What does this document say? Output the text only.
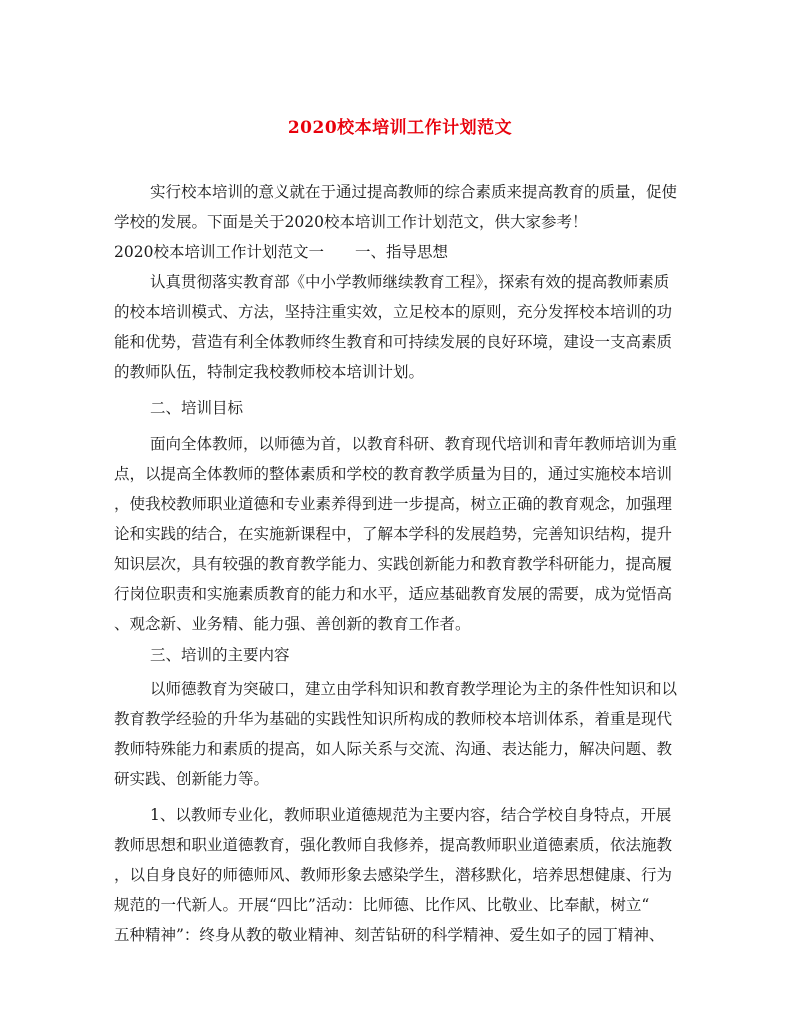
2020校本培训工作计划范文
实行校本培训的意义就在于通过提高教师的综合素质来提高教育的质量，促使
学校的发展。下面是关于2020校本培训工作计划范文，供大家参考！
2020校本培训工作计划范文一　　一、指导思想
认真贯彻落实教育部《中小学教师继续教育工程》，探索有效的提高教师素质
的校本培训模式、方法，坚持注重实效，立足校本的原则，充分发挥校本培训的功
能和优势，营造有利全体教师终生教育和可持续发展的良好环境，建设一支高素质
的教师队伍，特制定我校教师校本培训计划。
二、培训目标
面向全体教师，以师德为首，以教育科研、教育现代培训和青年教师培训为重
点，以提高全体教师的整体素质和学校的教育教学质量为目的，通过实施校本培训
，使我校教师职业道德和专业素养得到进一步提高，树立正确的教育观念，加强理
论和实践的结合，在实施新课程中，了解本学科的发展趋势，完善知识结构，提升
知识层次，具有较强的教育教学能力、实践创新能力和教育教学科研能力，提高履
行岗位职责和实施素质教育的能力和水平，适应基础教育发展的需要，成为觉悟高
、观念新、业务精、能力强、善创新的教育工作者。
三、培训的主要内容
以师德教育为突破口，建立由学科知识和教育教学理论为主的条件性知识和以
教育教学经验的升华为基础的实践性知识所构成的教师校本培训体系，着重是现代
教师特殊能力和素质的提高，如人际关系与交流、沟通、表达能力，解决问题、教
研实践、创新能力等。
1、以教师专业化，教师职业道德规范为主要内容，结合学校自身特点，开展
教师思想和职业道德教育，强化教师自我修养，提高教师职业道德素质，依法施教
，以自身良好的师德师风、教师形象去感染学生，潜移默化，培养思想健康、行为
规范的一代新人。开展“四比”活动：比师德、比作风、比敬业、比奉献，树立“
五种精神”：终身从教的敬业精神、刻苦钻研的科学精神、爱生如子的园丁精神、
